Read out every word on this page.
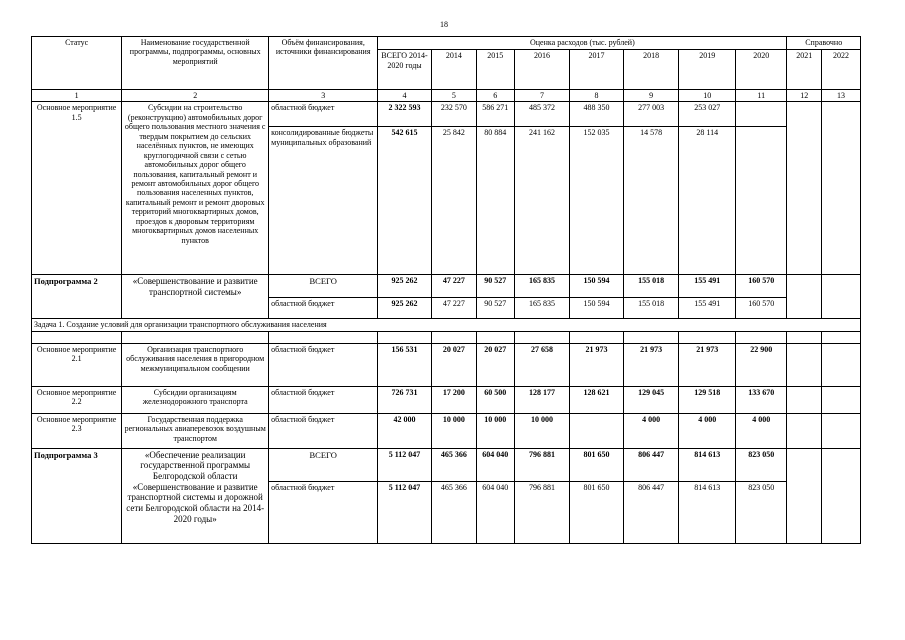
18
Статус	Наименование государственной программы, подпрограммы, основных мероприятий	Объём финансирования, источники финансирования	Оценка расходов (тыс. рублей)								Справочно	
			ВСЕГО 2014-2020 годы	2014	2015	2016	2017	2018	2019	2020	2021	2022
1	2	3	4	5	6	7	8	9	10	11	12	13
Основное мероприятие 1.5	Субсидии на строительство (реконструкцию) автомобильных дорог общего пользования местного значения с твердым покрытием до сельских населённых пунктов, не имеющих круглогодичной связи с сетью автомобильных дорог общего пользования, капитальный ремонт и ремонт автомобильных дорог общего пользования населенных пунктов, капитальный ремонт и ремонт дворовых территорий многоквартирных домов, проездов к дворовым территориям многоквартирных домов населенных пунктов	областной бюджет	2 322 593	232 570	586 271	485 372	488 350	277 003	253 027			
		консолидированные бюджеты муниципальных образований	542 615	25 842	80 884	241 162	152 035	14 578	28 114			
Подпрограмма 2	«Совершенствование и развитие транспортной системы»	ВСЕГО	925 262	47 227	90 527	165 835	150 594	155 018	155 491	160 570		
		областной бюджет	925 262	47 227	90 527	165 835	150 594	155 018	155 491	160 570		
Задача 1. Создание условий для организации транспортного обслуживания населения												

Основное мероприятие 2.1	Организация транспортного обслуживания населения в пригородном межмуниципальном сообщении	областной бюджет	156 531	20 027	20 027	27 658	21 973	21 973	21 973	22 900		
Основное мероприятие 2.2	Субсидии организациям железнодорожного транспорта	областной бюджет	726 731	17 200	60 500	128 177	128 621	129 045	129 518	133 670		
Основное мероприятие 2.3	Государственная поддержка региональных авиаперевозок воздушным транспортом	областной бюджет	42 000	10 000	10 000	10 000		4 000	4 000	4 000		
Подпрограмма 3	«Обеспечение реализации государственной программы Белгородской области «Совершенствование и развитие транспортной системы и дорожной сети Белгородской области на 2014-2020 годы»	ВСЕГО	5 112 047	465 366	604 040	796 881	801 650	806 447	814 613	823 050		
		областной бюджет	5 112 047	465 366	604 040	796 881	801 650	806 447	814 613	823 050		
